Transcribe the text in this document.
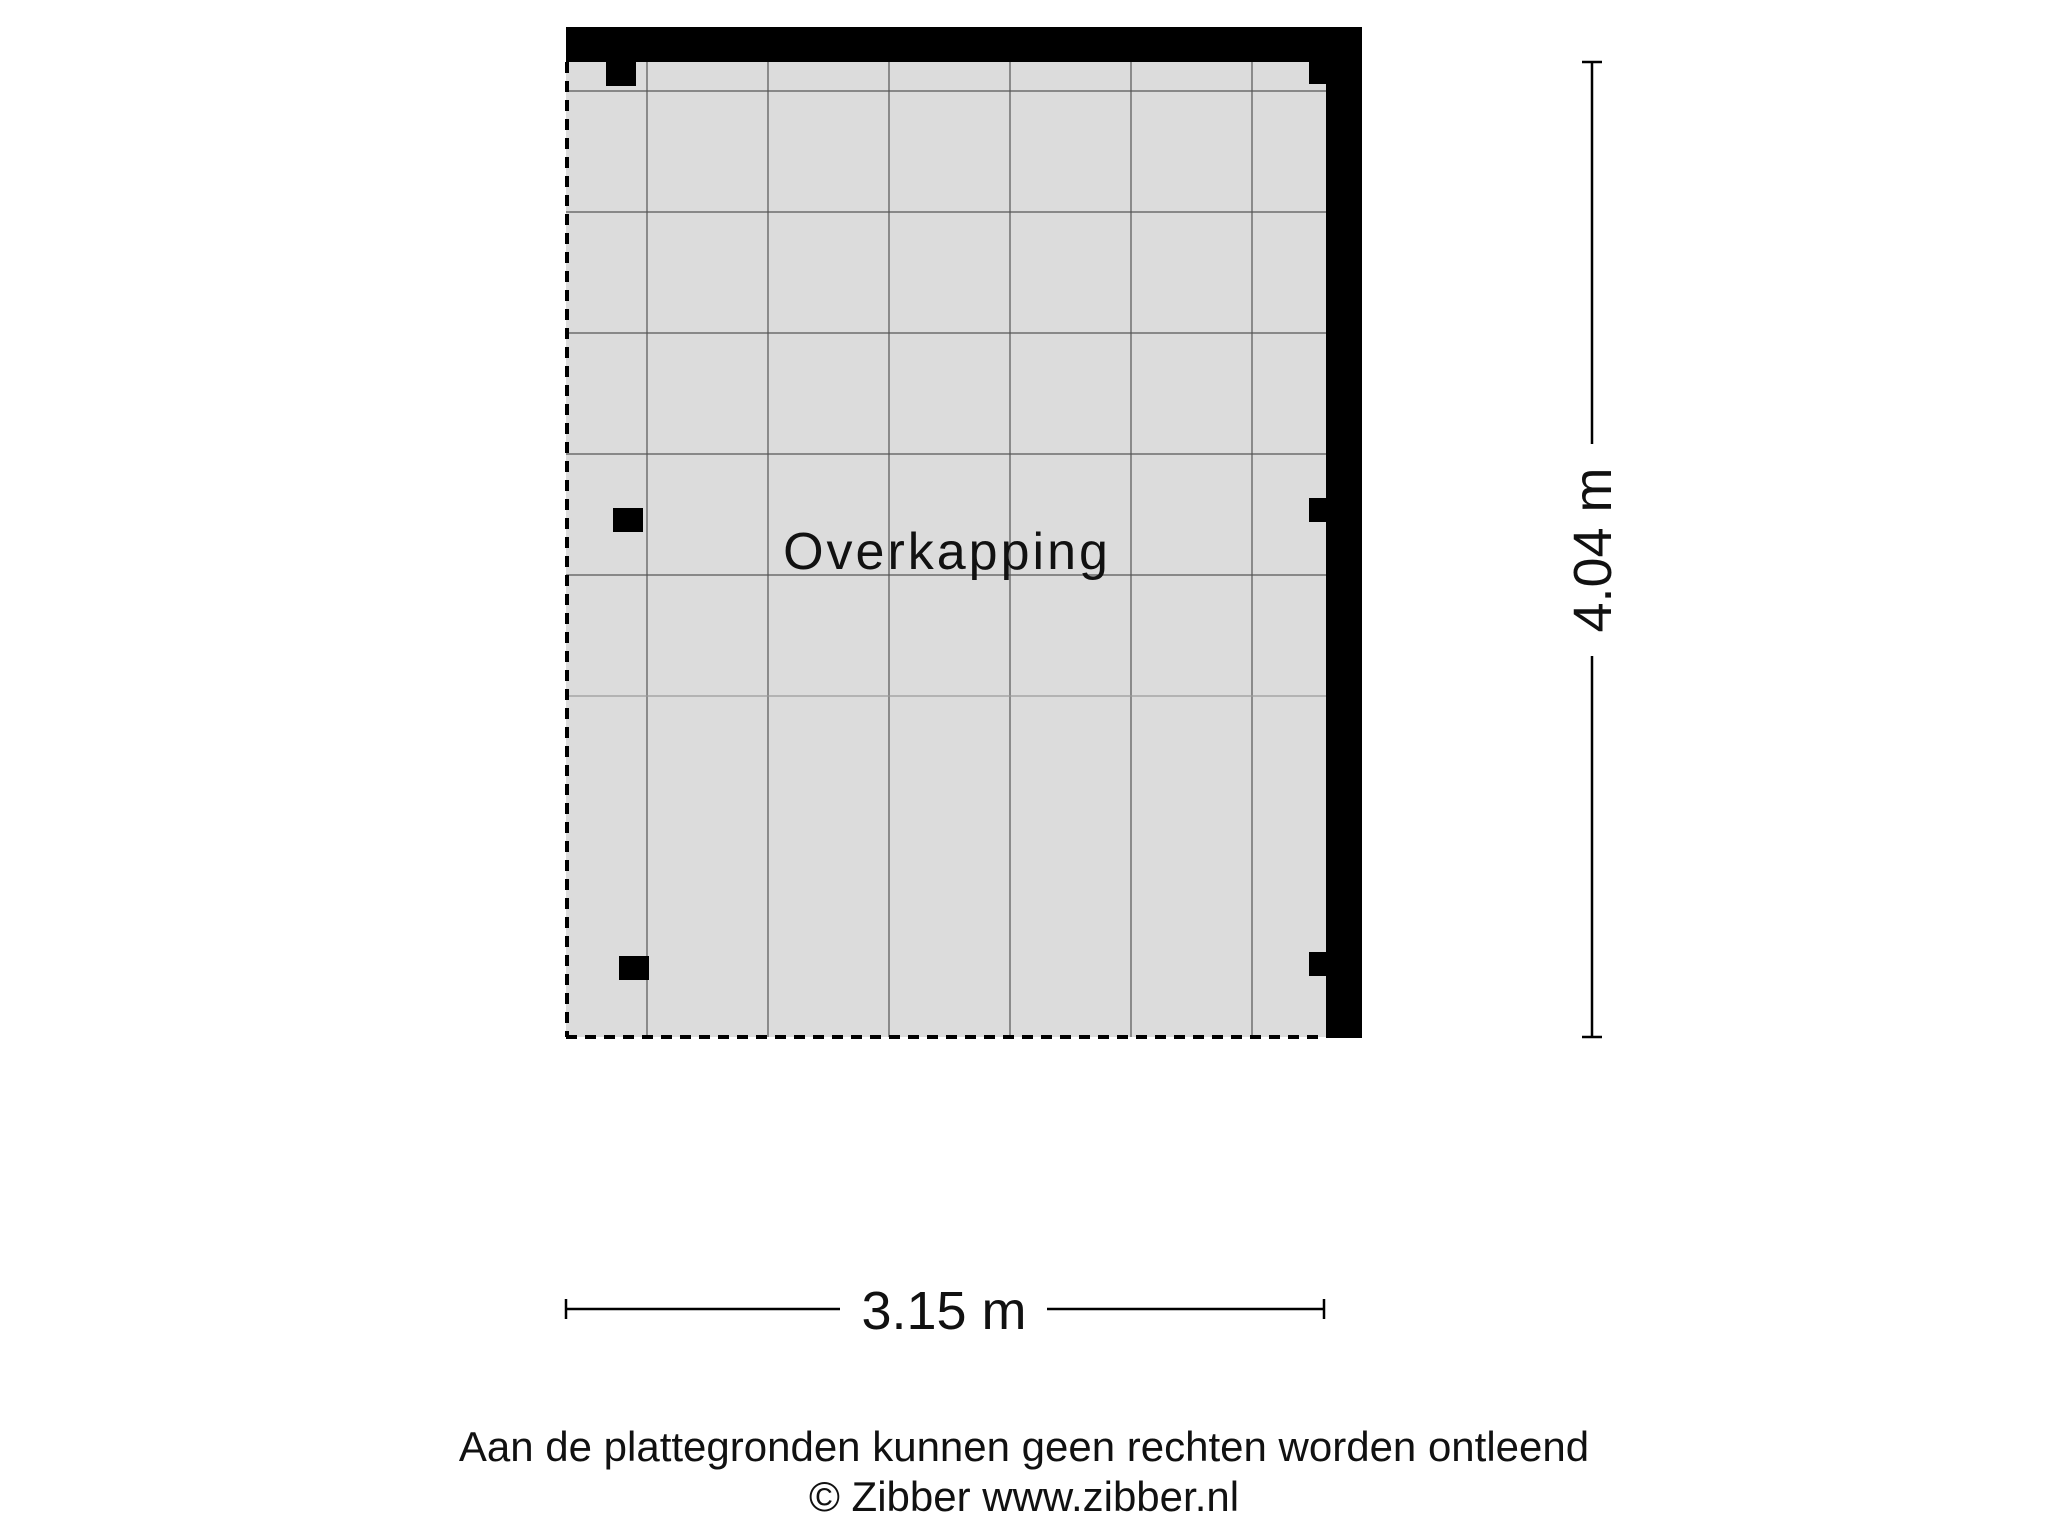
Overkapping	4.04 m
3.15 m
Aan de plattegronden kunnen geen rechten worden ontleend
© Zibber www.zibber.nl
